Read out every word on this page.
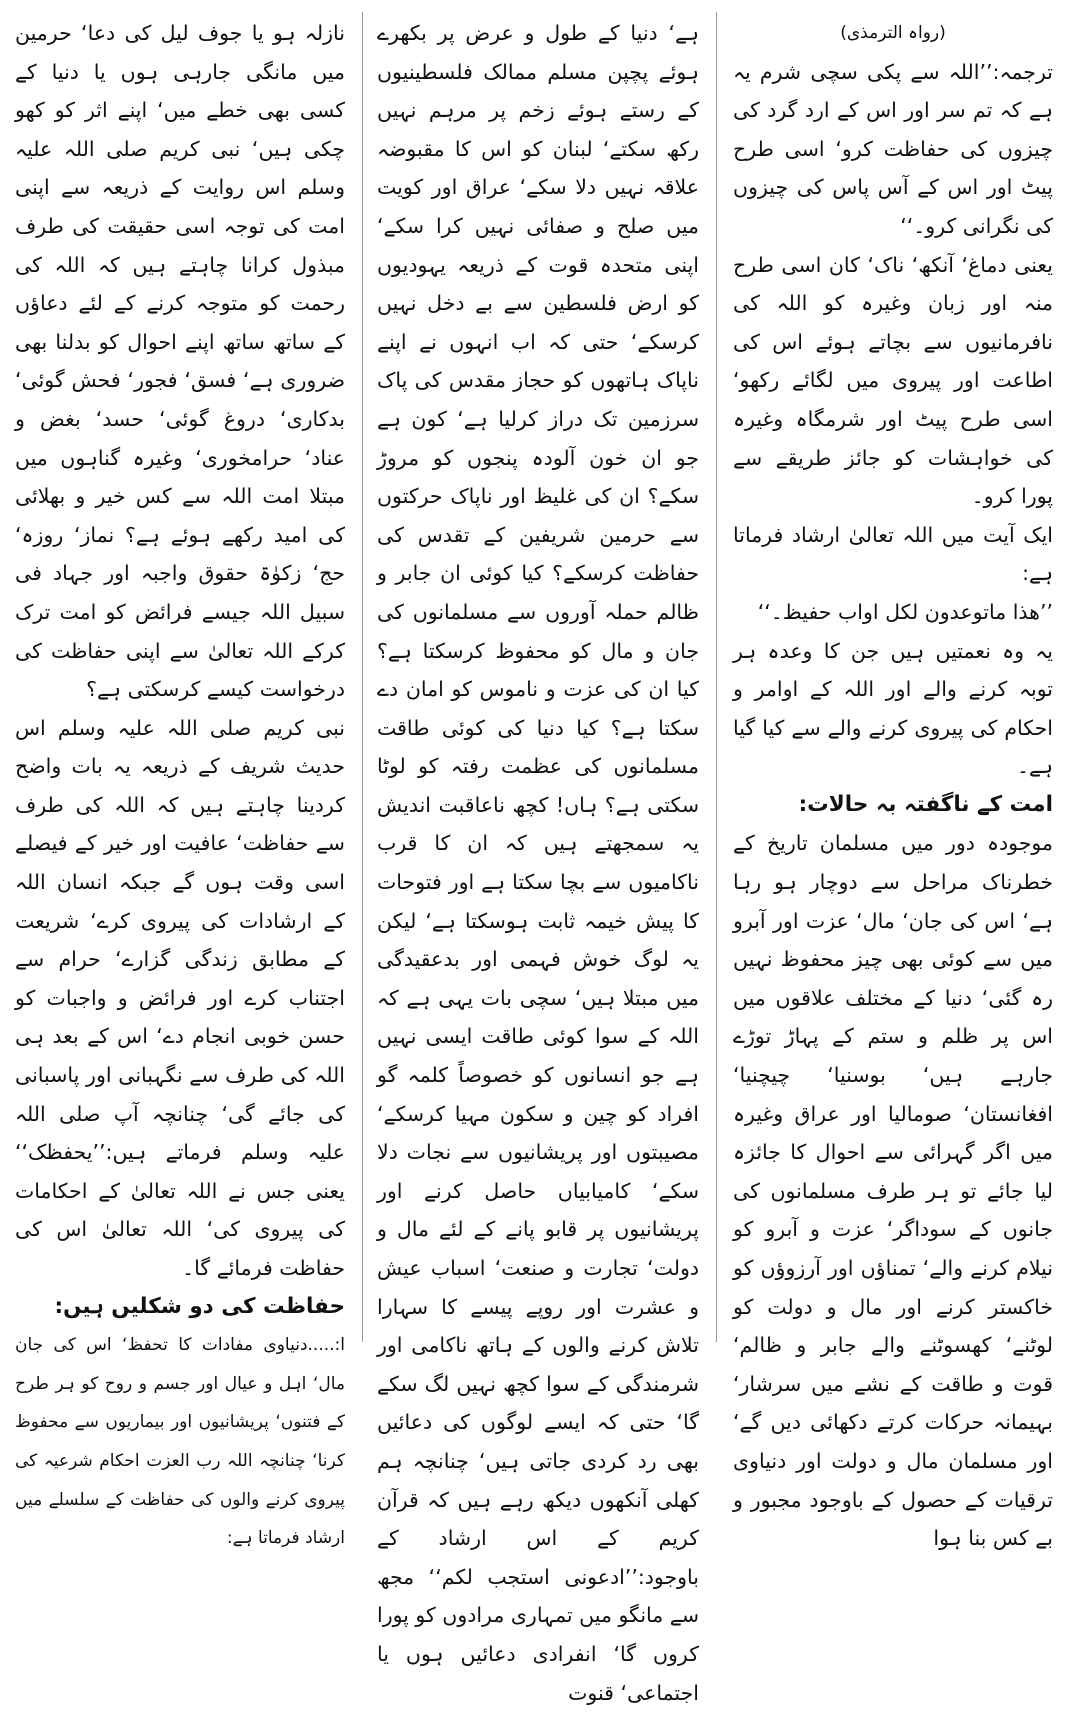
(رواہ الترمذی)

ترجمہ:’’اللہ سے پکی سچی شرم یہ ہے کہ تم سر اور اس کے ارد گرد کی چیزوں کی حفاظت کرو‘ اسی طرح پیٹ اور اس کے آس پاس کی چیزوں کی نگرانی کرو۔‘‘

یعنی دماغ‘ آنکھ‘ ناک‘ کان اسی طرح منہ اور زبان وغیرہ کو اللہ کی نافرمانیوں سے بچاتے ہوئے اس کی اطاعت اور پیروی میں لگائے رکھو‘ اسی طرح پیٹ اور شرمگاہ وغیرہ کی خواہشات کو جائز طریقے سے پورا کرو۔

ایک آیت میں اللہ تعالیٰ ارشاد فرماتا ہے:

’’ھذا ماتوعدون لکل اواب حفیظ۔‘‘

یہ وہ نعمتیں ہیں جن کا وعدہ ہر توبہ کرنے والے اور اللہ کے اوامر و احکام کی پیروی کرنے والے سے کیا گیا ہے۔

امت کے ناگفتہ بہ حالات:

موجودہ دور میں مسلمان تاریخ کے خطرناک مراحل سے دوچار ہو رہا ہے‘ اس کی جان‘ مال‘ عزت اور آبرو میں سے کوئی بھی چیز محفوظ نہیں رہ گئی‘ دنیا کے مختلف علاقوں میں اس پر ظلم و ستم کے پہاڑ توڑے جارہے ہیں‘ بوسنیا‘ چیچنیا‘ افغانستان‘ صومالیا اور عراق وغیرہ میں اگر گہرائی سے احوال کا جائزہ لیا جائے تو ہر طرف مسلمانوں کی جانوں کے سوداگر‘ عزت و آبرو کو نیلام کرنے والے‘ تمناؤں اور آرزوؤں کو خاکستر کرنے اور مال و دولت کو لوٹنے‘ کھسوٹنے والے جابر و ظالم‘ قوت و طاقت کے نشے میں سرشار‘ بہیمانہ حرکات کرتے دکھائی دیں گے‘ اور مسلمان مال و دولت اور دنیاوی ترقیات کے حصول کے باوجود مجبور و بے کس بنا ہوا

ہے‘ دنیا کے طول و عرض پر بکھرے ہوئے پچپن مسلم ممالک فلسطینیوں کے رستے ہوئے زخم پر مرہم نہیں رکھ سکتے‘ لبنان کو اس کا مقبوضہ علاقہ نہیں دلا سکے‘ عراق اور کویت میں صلح و صفائی نہیں کرا سکے‘ اپنی متحدہ قوت کے ذریعہ یہودیوں کو ارض فلسطین سے بے دخل نہیں کرسکے‘ حتی کہ اب انہوں نے اپنے ناپاک ہاتھوں کو حجاز مقدس کی پاک سرزمین تک دراز کرلیا ہے‘ کون ہے جو ان خون آلودہ پنجوں کو مروڑ سکے؟ ان کی غلیظ اور ناپاک حرکتوں سے حرمین شریفین کے تقدس کی حفاظت کرسکے؟ کیا کوئی ان جابر و ظالم حملہ آوروں سے مسلمانوں کی جان و مال کو محفوظ کرسکتا ہے؟ کیا ان کی عزت و ناموس کو امان دے سکتا ہے؟ کیا دنیا کی کوئی طاقت مسلمانوں کی عظمت رفتہ کو لوٹا سکتی ہے؟ ہاں! کچھ ناعاقبت اندیش یہ سمجھتے ہیں کہ ان کا قرب ناکامیوں سے بچا سکتا ہے اور فتوحات کا پیش خیمہ ثابت ہوسکتا ہے‘ لیکن یہ لوگ خوش فہمی اور بدعقیدگی میں مبتلا ہیں‘ سچی بات یہی ہے کہ اللہ کے سوا کوئی طاقت ایسی نہیں ہے جو انسانوں کو خصوصاً کلمہ گو افراد کو چین و سکون مہیا کرسکے‘ مصیبتوں اور پریشانیوں سے نجات دلا سکے‘ کامیابیاں حاصل کرنے اور پریشانیوں پر قابو پانے کے لئے مال و دولت‘ تجارت و صنعت‘ اسباب عیش و عشرت اور روپے پیسے کا سہارا تلاش کرنے والوں کے ہاتھ ناکامی اور شرمندگی کے سوا کچھ نہیں لگ سکے گا‘ حتی کہ ایسے لوگوں کی دعائیں بھی رد کردی جاتی ہیں‘ چنانچہ ہم کھلی آنکھوں دیکھ رہے ہیں کہ قرآن کریم کے اس ارشاد کے باوجود:’’ادعونی استجب لکم‘‘ مجھ سے مانگو میں تمہاری مرادوں کو پورا کروں گا‘ انفرادی دعائیں ہوں یا اجتماعی‘ قنوت

نازلہ ہو یا جوف لیل کی دعا‘ حرمین میں مانگی جارہی ہوں یا دنیا کے کسی بھی خطے میں‘ اپنے اثر کو کھو چکی ہیں‘ نبی کریم صلی اللہ علیہ وسلم اس روایت کے ذریعہ سے اپنی امت کی توجہ اسی حقیقت کی طرف مبذول کرانا چاہتے ہیں کہ اللہ کی رحمت کو متوجہ کرنے کے لئے دعاؤں کے ساتھ ساتھ اپنے احوال کو بدلنا بھی ضروری ہے‘ فسق‘ فجور‘ فحش گوئی‘ بدکاری‘ دروغ گوئی‘ حسد‘ بغض و عناد‘ حرامخوری‘ وغیرہ گناہوں میں مبتلا امت اللہ سے کس خیر و بھلائی کی امید رکھے ہوئے ہے؟ نماز‘ روزہ‘ حج‘ زکوٰۃ حقوق واجبہ اور جہاد فی سبیل اللہ جیسے فرائض کو امت ترک کرکے اللہ تعالیٰ سے اپنی حفاظت کی درخواست کیسے کرسکتی ہے؟

نبی کریم صلی اللہ علیہ وسلم اس حدیث شریف کے ذریعہ یہ بات واضح کردینا چاہتے ہیں کہ اللہ کی طرف سے حفاظت‘ عافیت اور خیر کے فیصلے اسی وقت ہوں گے جبکہ انسان اللہ کے ارشادات کی پیروی کرے‘ شریعت کے مطابق زندگی گزارے‘ حرام سے اجتناب کرے اور فرائض و واجبات کو حسن خوبی انجام دے‘ اس کے بعد ہی اللہ کی طرف سے نگہبانی اور پاسبانی کی جائے گی‘ چنانچہ آپ صلی اللہ علیہ وسلم فرماتے ہیں:’’یحفظک‘‘ یعنی جس نے اللہ تعالیٰ کے احکامات کی پیروی کی‘ اللہ تعالیٰ اس کی حفاظت فرمائے گا۔

حفاظت کی دو شکلیں ہیں:

ا:.....دنیاوی مفادات کا تحفظ‘ اس کی جان مال‘ اہل و عیال اور جسم و روح کو ہر طرح کے فتنوں‘ پریشانیوں اور بیماریوں سے محفوظ کرنا‘ چنانچہ اللہ رب العزت احکام شرعیہ کی پیروی کرنے والوں کی حفاظت کے سلسلے میں ارشاد فرماتا ہے:
